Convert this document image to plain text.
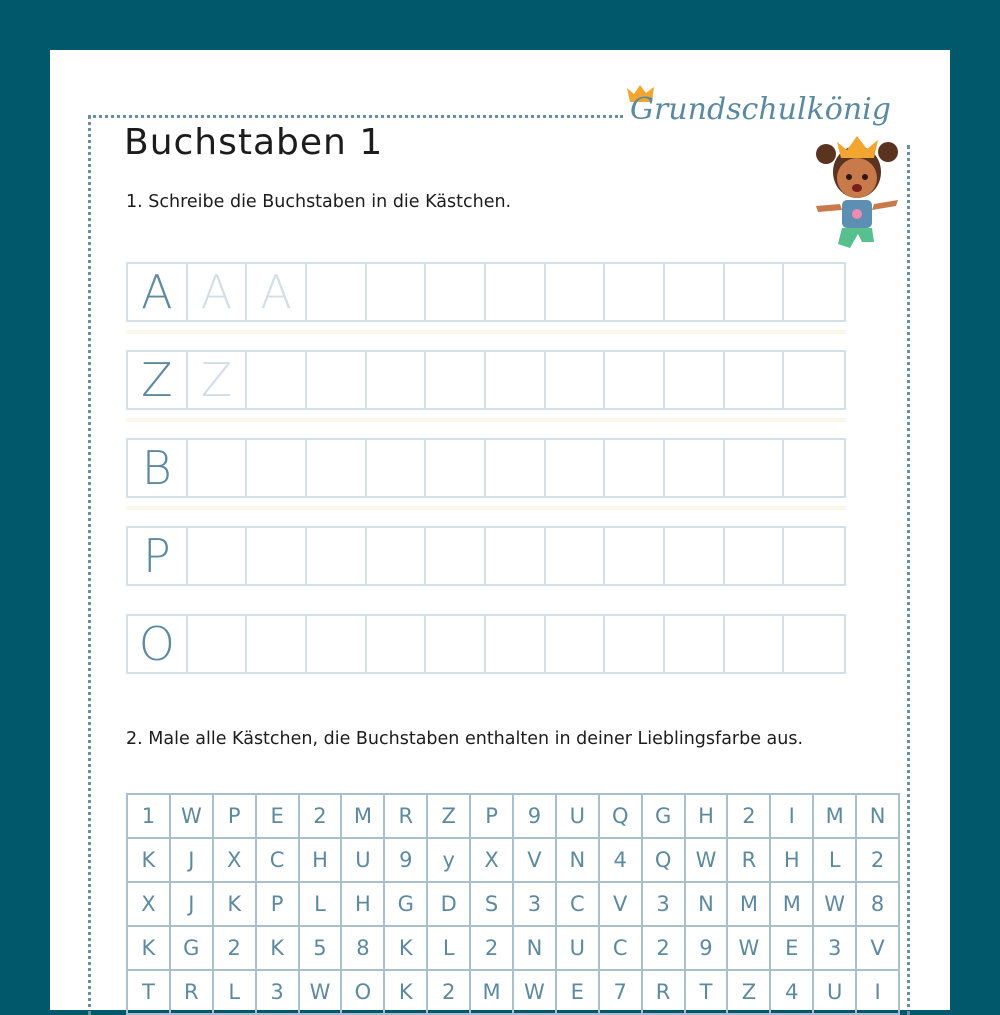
Grundschulkönig
Buchstaben 1
1. Schreibe die Buchstaben in die Kästchen.
A A A
Z Z
B
P
O
2. Male alle Kästchen, die Buchstaben enthalten in deiner Lieblingsfarbe aus.
1	W	P	E	2	M	R	Z	P	9	U	Q	G	H	2	I	M	N
K	J	X	C	H	U	9	y	X	V	N	4	Q	W	R	H	L	2
X	J	K	P	L	H	G	D	S	3	C	V	3	N	M	M	W	8
K	G	2	K	5	8	K	L	2	N	U	C	2	9	W	E	3	V
T	R	L	3	W	O	K	2	M	W	E	7	R	T	Z	4	U	I
